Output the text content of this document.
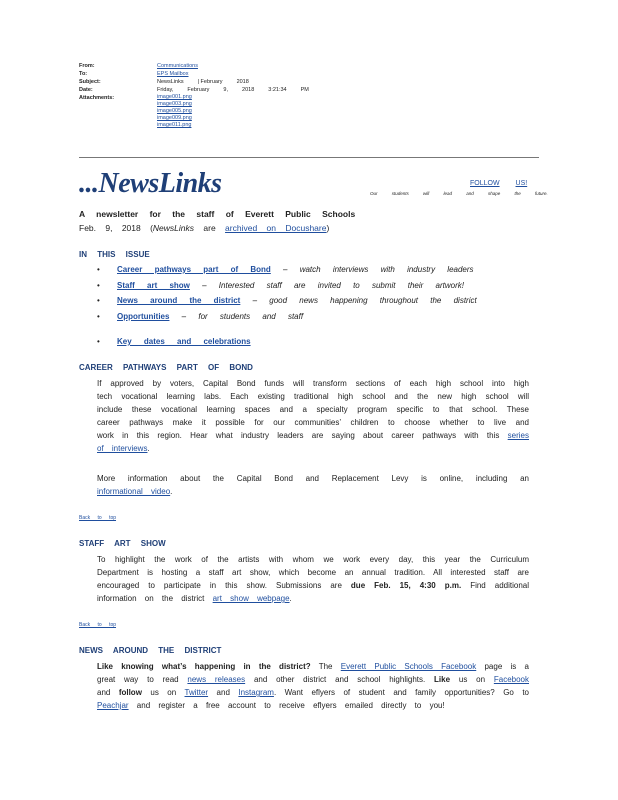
From:	Communications
To:	EPS Mailbox
Subject:	NewsLinks	| February	2018
Date:	Friday,	February	9,	2018	3:21:34	PM
Attachments:	image001.png
image003.png
image005.png
image009.png
image011.png
...NewsLinks	FOLLOW US!
Our students will lead and shape the future.
A newsletter for the staff of Everett Public Schools
Feb. 9, 2018 (NewsLinks are archived on Docushare)
IN THIS ISSUE
• Career pathways part of Bond – watch interviews with industry leaders
• Staff art show – Interested staff are invited to submit their artwork!
• News around the district – good news happening throughout the district
• Opportunities – for students and staff
• Key dates and celebrations
CAREER PATHWAYS PART OF BOND
If approved by voters, Capital Bond funds will transform sections of each high school into high tech vocational learning labs. Each existing traditional high school and the new high school will include these vocational learning spaces and a specialty program specific to that school. These career pathways make it possible for our communities’ children to choose whether to live and work in this region. Hear what industry leaders are saying about career pathways with this series of interviews.
More information about the Capital Bond and Replacement Levy is online, including an informational video.
Back to top
STAFF ART SHOW
To highlight the work of the artists with whom we work every day, this year the Curriculum Department is hosting a staff art show, which become an annual tradition. All interested staff are encouraged to participate in this show. Submissions are due Feb. 15, 4:30 p.m. Find additional information on the district art show webpage.
Back to top
NEWS AROUND THE DISTRICT
Like knowing what’s happening in the district? The Everett Public Schools Facebook page is a great way to read news releases and other district and school highlights. Like us on Facebook and follow us on Twitter and Instagram. Want eflyers of student and family opportunities? Go to Peachjar and register a free account to receive eflyers emailed directly to you!
